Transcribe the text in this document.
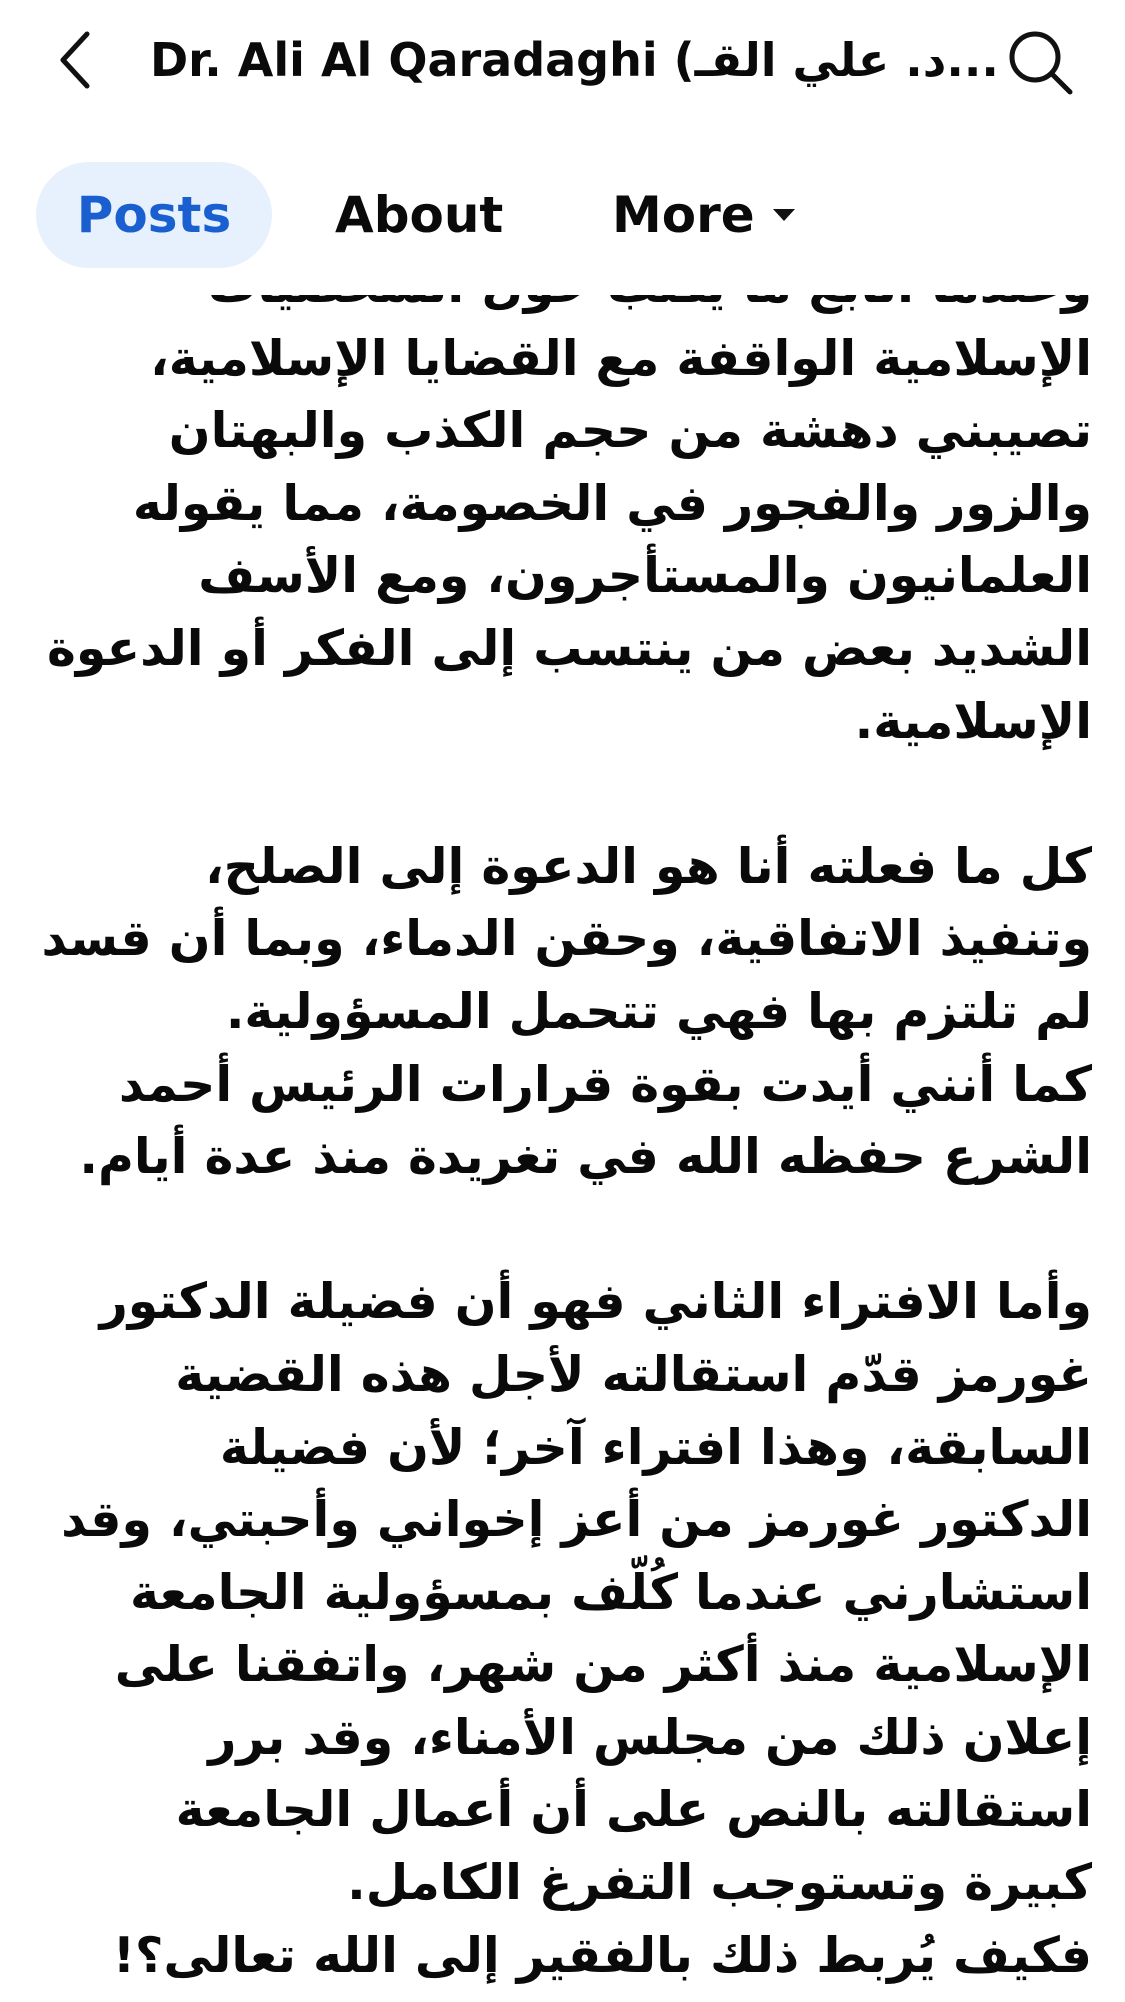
Dr. Ali Al Qaradaghi (د. علي القـ...
Posts About More

الإسلامية الواقفة مع القضايا الإسلامية، تصيبني دهشة من حجم الكذب والبهتان والزور والفجور في الخصومة، مما يقوله العلمانيون والمستأجرون، ومع الأسف الشديد بعض من ينتسب إلى الفكر أو الدعوة الإسلامية.

كل ما فعلته أنا هو الدعوة إلى الصلح، وتنفيذ الاتفاقية، وحقن الدماء، وبما أن قسد لم تلتزم بها فهي تتحمل المسؤولية.
كما أنني أيدت بقوة قرارات الرئيس أحمد الشرع حفظه الله في تغريدة منذ عدة أيام.

وأما الافتراء الثاني فهو أن فضيلة الدكتور غورمز قدّم استقالته لأجل هذه القضية السابقة، وهذا افتراء آخر؛ لأن فضيلة الدكتور غورمز من أعز إخواني وأحبتي، وقد استشارني عندما كُلّف بمسؤولية الجامعة الإسلامية منذ أكثر من شهر، واتفقنا على إعلان ذلك من مجلس الأمناء، وقد برر استقالته بالنص على أن أعمال الجامعة كبيرة وتستوجب التفرغ الكامل.
فكيف يُربط ذلك بالفقير إلى الله تعالى؟!
